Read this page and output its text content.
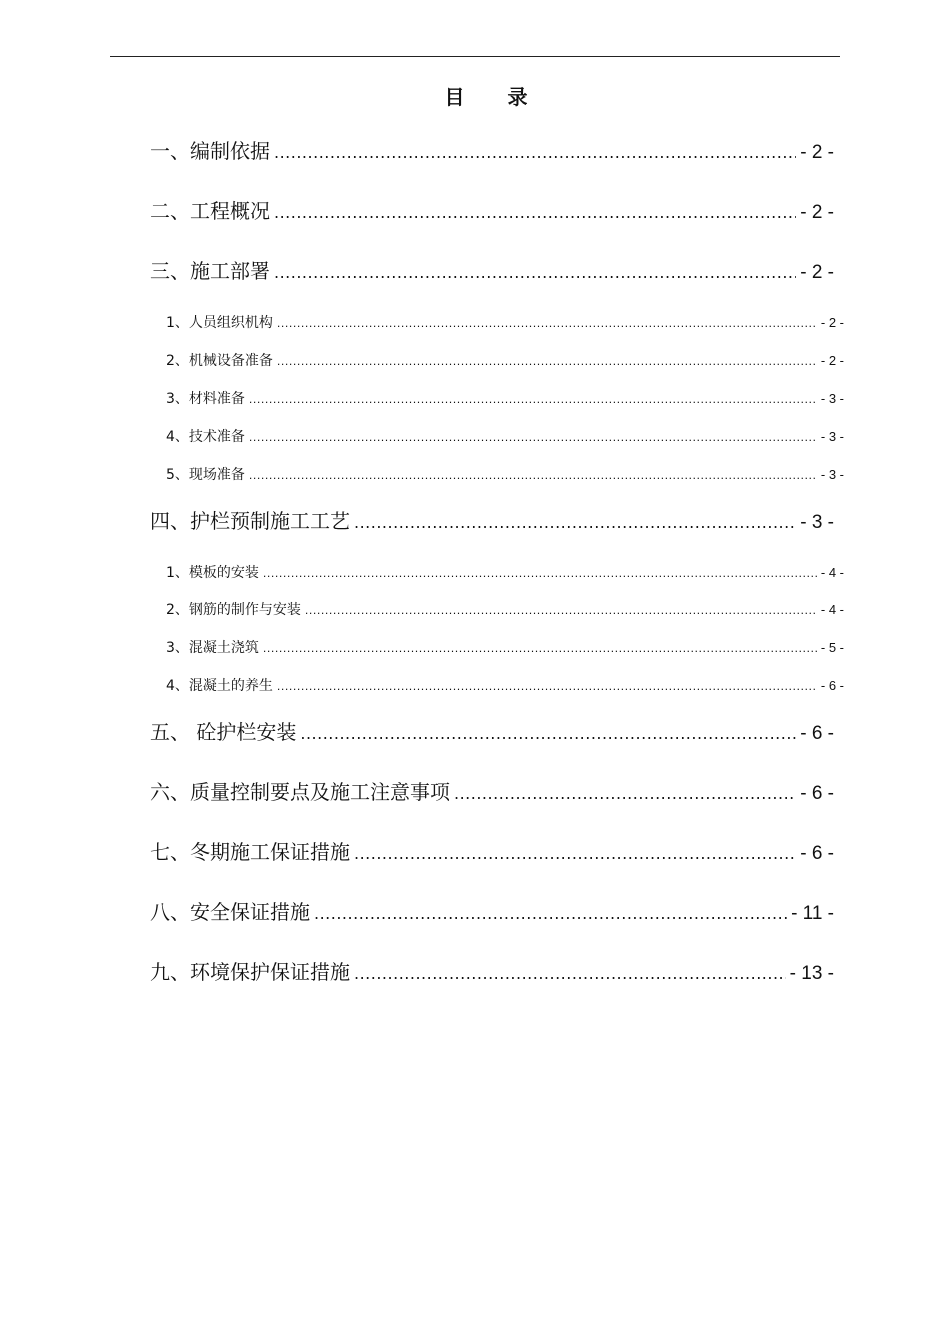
目 录
一、编制依据 .....	- 2 -
二、工程概况 .....	- 2 -
三、施工部署 .....	- 2 -
1、人员组织机构 .....	- 2 -
2、机械设备准备 .....	- 2 -
3、材料准备 .....	- 3 -
4、技术准备 .....	- 3 -
5、现场准备 .....	- 3 -
四、护栏预制施工工艺 .....	- 3 -
1、模板的安装 .....	- 4 -
2、钢筋的制作与安装 .....	- 4 -
3、混凝土浇筑 .....	- 5 -
4、混凝土的养生 .....	- 6 -
五、 砼护栏安装 .....	- 6 -
六、质量控制要点及施工注意事项 .....	- 6 -
七、冬期施工保证措施 .....	- 6 -
八、安全保证措施 .....	- 11 -
九、环境保护保证措施 .....	- 13 -
